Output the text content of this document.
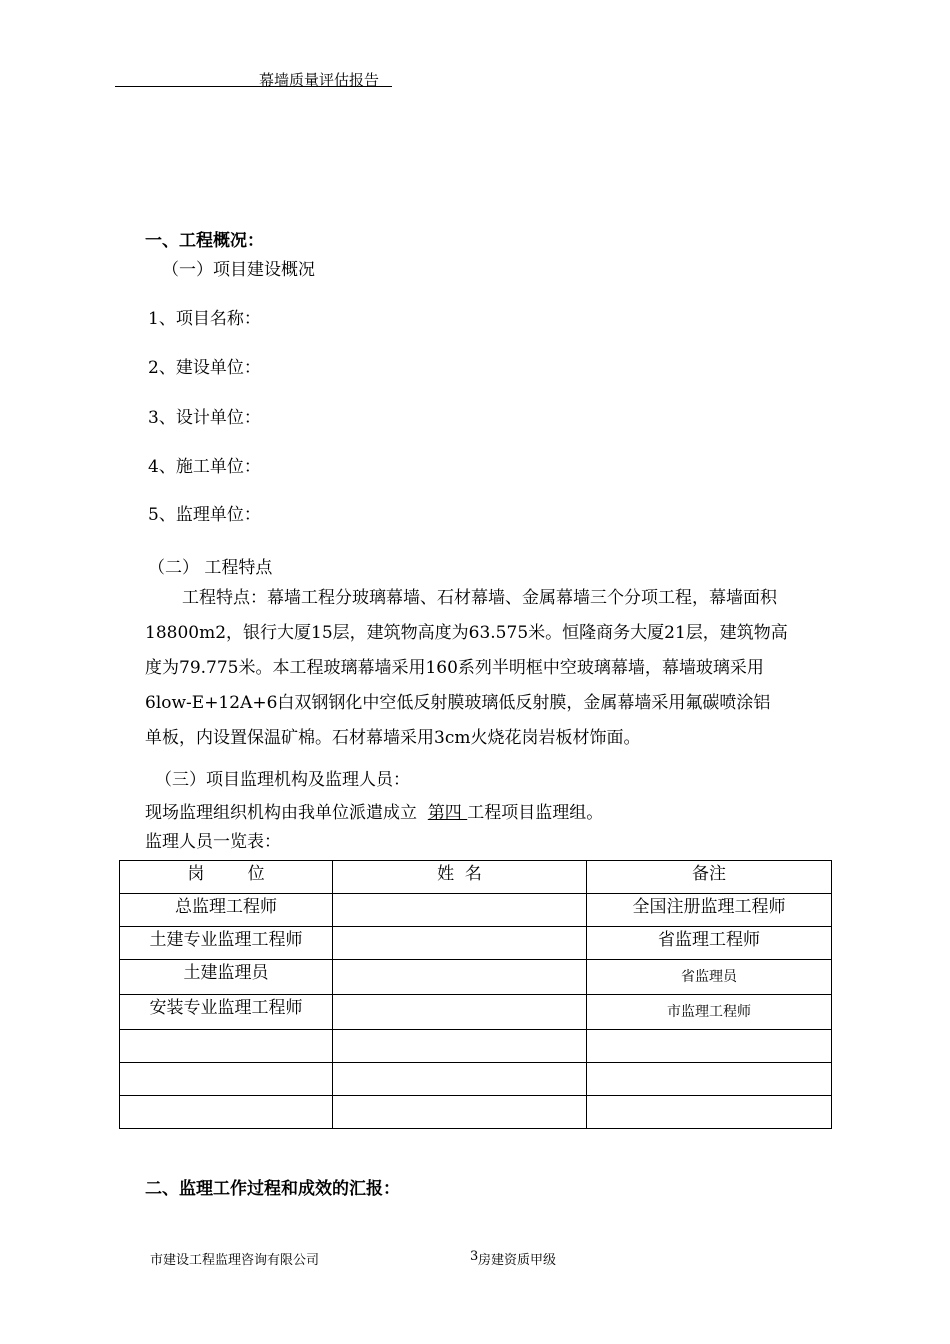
幕墙质量评估报告
一、工程概况：
（一）项目建设概况
1、项目名称：
2、建设单位：
3、设计单位：
4、施工单位：
5、监理单位：
（二） 工程特点
工程特点：幕墙工程分玻璃幕墙、石材幕墙、金属幕墙三个分项工程，幕墙面积
18800m2，银行大厦15层，建筑物高度为63.575米。恒隆商务大厦21层，建筑物高
度为79.775米。本工程玻璃幕墙采用160系列半明框中空玻璃幕墙，幕墙玻璃采用
6low-E+12A+6白双钢钢化中空低反射膜玻璃低反射膜，金属幕墙采用氟碳喷涂铝
单板，内设置保温矿棉。石材幕墙采用3cm火烧花岗岩板材饰面。
（三）项目监理机构及监理人员：
现场监理组织机构由我单位派遣成立  第四 工程项目监理组。
监理人员一览表：
岗        位	姓  名	备注
总监理工程师		全国注册监理工程师
土建专业监理工程师		省监理工程师
土建监理员		省监理员
安装专业监理工程师		市监理工程师

二、监理工作过程和成效的汇报：
市建设工程监理咨询有限公司	3 房建资质甲级
